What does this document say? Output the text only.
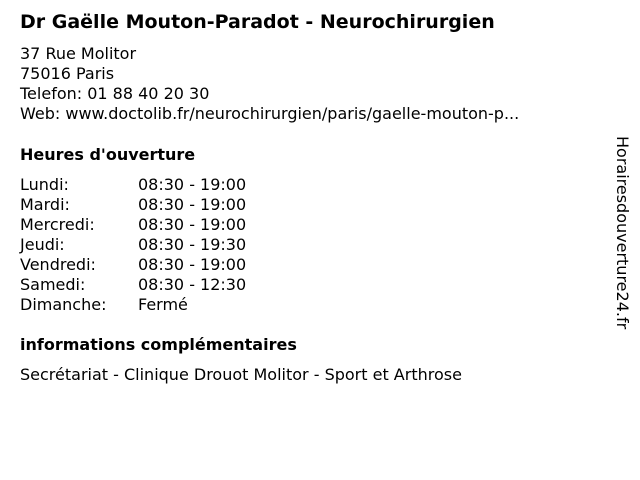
Dr Gaëlle Mouton-Paradot - Neurochirurgien
37 Rue Molitor
75016 Paris
Telefon: 01 88 40 20 30
Web: www.doctolib.fr/neurochirurgien/paris/gaelle-mouton-p...
Heures d'ouverture
Lundi:	08:30 - 19:00
Mardi:	08:30 - 19:00
Mercredi:	08:30 - 19:00
Jeudi:	08:30 - 19:30
Vendredi:	08:30 - 19:00
Samedi:	08:30 - 12:30
Dimanche:	Fermé
informations complémentaires
Secrétariat - Clinique Drouot Molitor - Sport et Arthrose
Horairesdouverture24.fr
